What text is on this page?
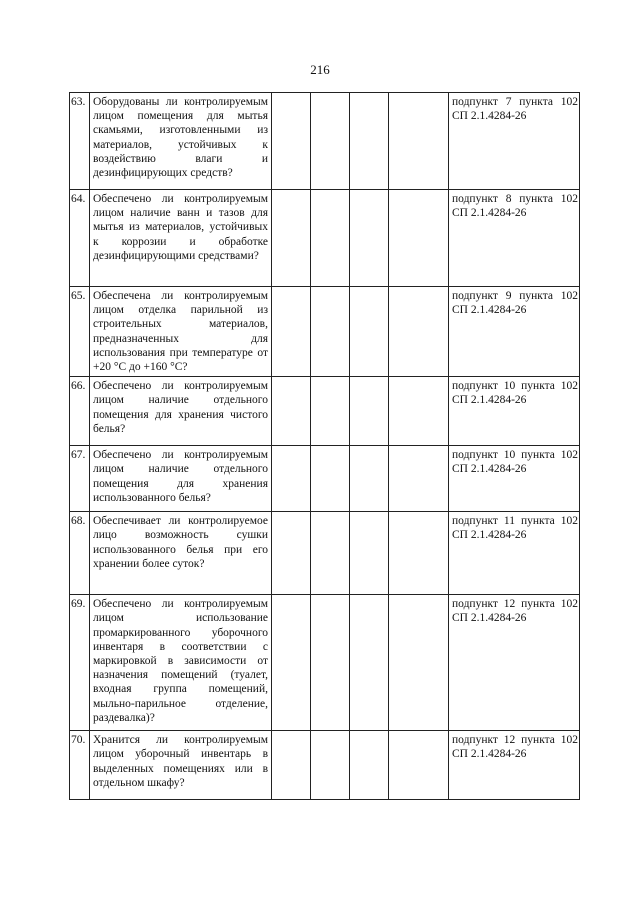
216
63.	Оборудованы ли контролируемым лицом помещения для мытья скамьями, изготовленными из материалов, устойчивых к воздействию влаги и дезинфицирующих средств?					подпункт 7 пункта 102 СП 2.1.4284-26
64.	Обеспечено ли контролируемым лицом наличие ванн и тазов для мытья из материалов, устойчивых к коррозии и обработке дезинфицирующими средствами?					подпункт 8 пункта 102 СП 2.1.4284-26
65.	Обеспечена ли контролируемым лицом отделка парильной из строительных материалов, предназначенных для использования при температуре от +20 °С до +160 °С?					подпункт 9 пункта 102 СП 2.1.4284-26
66.	Обеспечено ли контролируемым лицом наличие отдельного помещения для хранения чистого белья?					подпункт 10 пункта 102 СП 2.1.4284-26
67.	Обеспечено ли контролируемым лицом наличие отдельного помещения для хранения использованного белья?					подпункт 10 пункта 102 СП 2.1.4284-26
68.	Обеспечивает ли контролируемое лицо возможность сушки использованного белья при его хранении более суток?					подпункт 11 пункта 102 СП 2.1.4284-26
69.	Обеспечено ли контролируемым лицом использование промаркированного уборочного инвентаря в соответствии с маркировкой в зависимости от назначения помещений (туалет, входная группа помещений, мыльно-парильное отделение, раздевалка)?					подпункт 12 пункта 102 СП 2.1.4284-26
70.	Хранится ли контролируемым лицом уборочный инвентарь в выделенных помещениях или в отдельном шкафу?					подпункт 12 пункта 102 СП 2.1.4284-26
